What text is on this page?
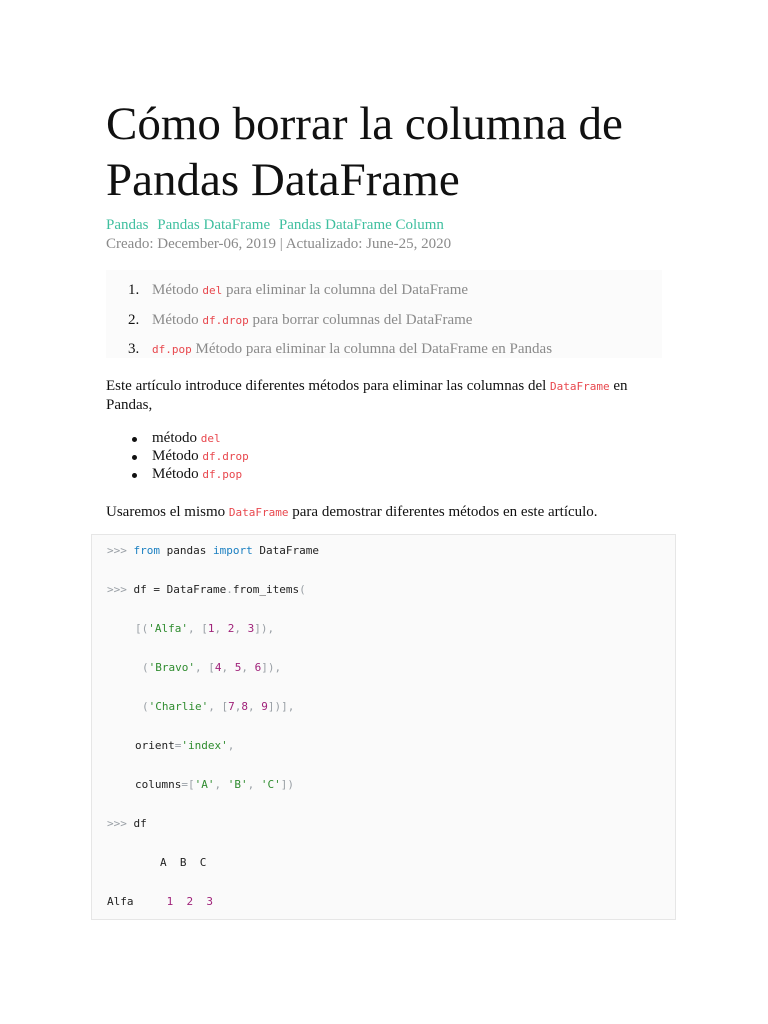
Cómo borrar la columna de Pandas DataFrame
Pandas Pandas DataFrame Pandas DataFrame Column
Creado: December-06, 2019 | Actualizado: June-25, 2020
1. Método del para eliminar la columna del DataFrame
2. Método df.drop para borrar columnas del DataFrame
3. df.pop Método para eliminar la columna del DataFrame en Pandas

Este artículo introduce diferentes métodos para eliminar las columnas del DataFrame en Pandas,

método del
Método df.drop
Método df.pop

Usaremos el mismo DataFrame para demostrar diferentes métodos en este artículo.

>>> from pandas import DataFrame
>>> df = DataFrame.from_items(
[('Alfa', [1, 2, 3]),
('Bravo', [4, 5, 6]),
('Charlie', [7,8, 9])],
orient='index',
columns=['A', 'B', 'C'])
>>> df
A  B  C
Alfa	1 2 3
